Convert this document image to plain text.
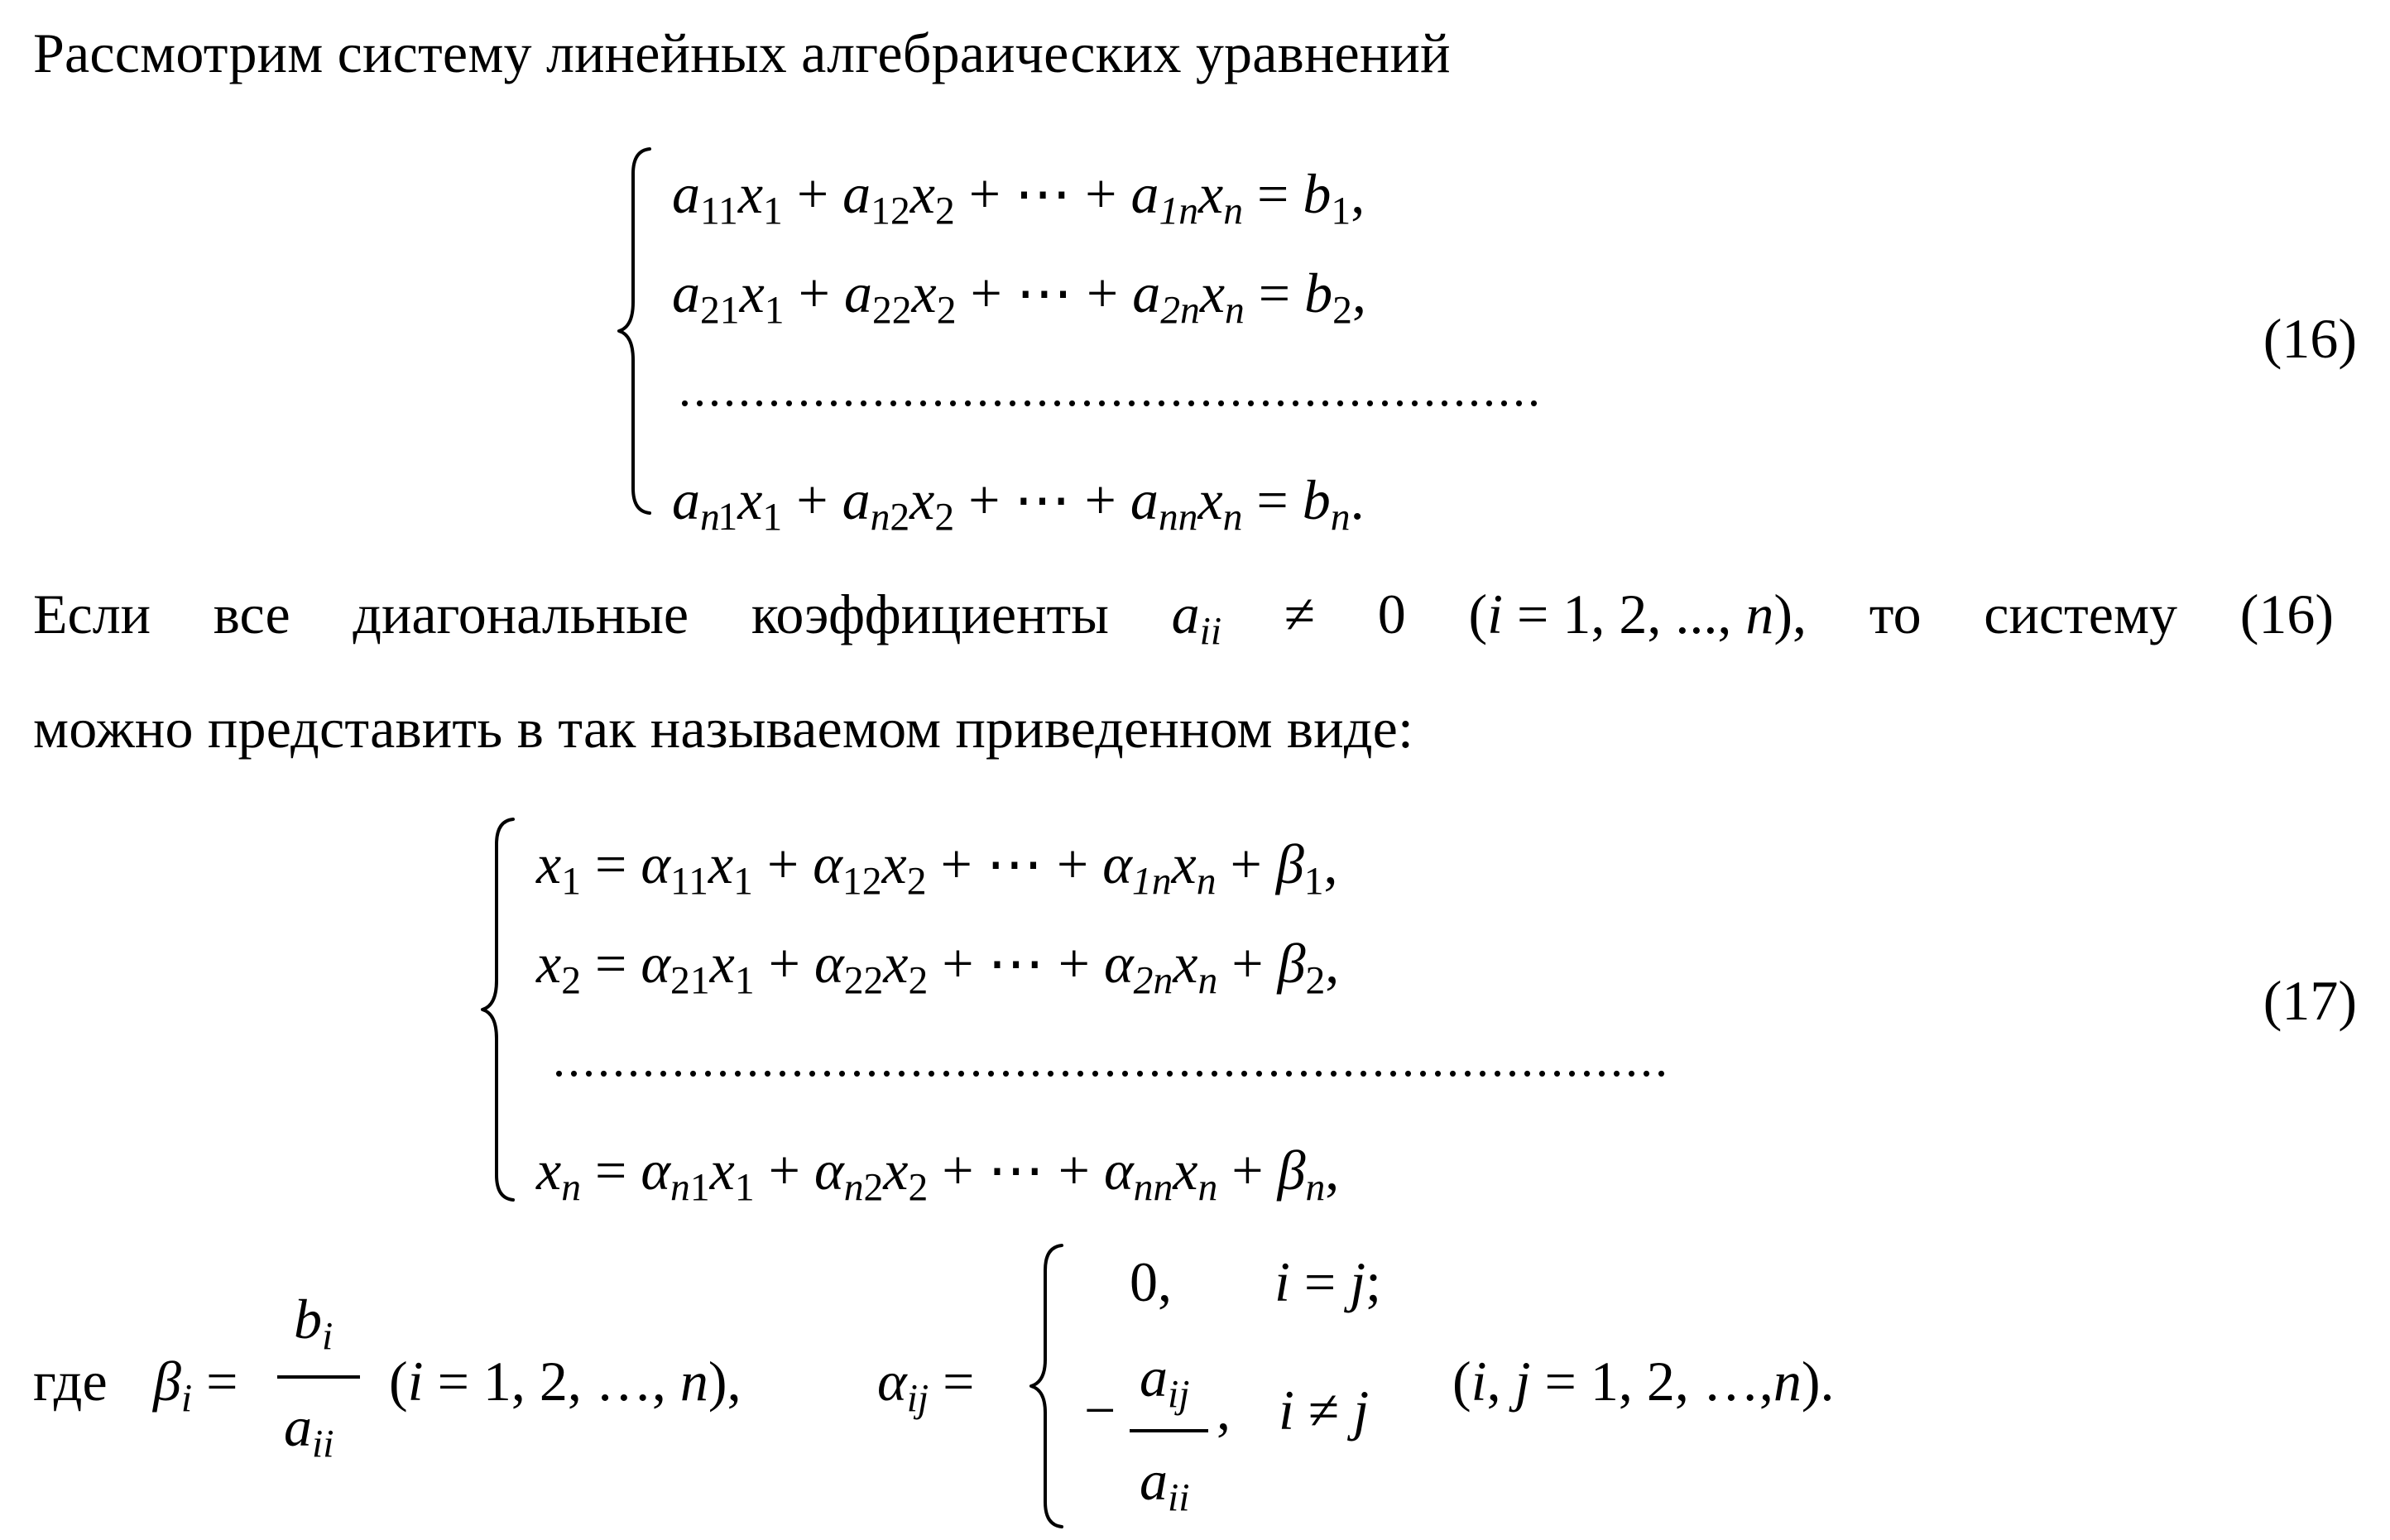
Рассмотрим систему линейных алгебраических уравнений
$a_{11}x_1 + a_{12}x_2$ + ⋯ + $a_{1n}x_n = b_1$,
$a_{21}x_1 + a_{22}x_2$ + ⋯ + $a_{2n}x_n = b_2$,
..........................................................
$a_{n1}x_1 + a_{n2}x_2$ + ⋯ + $a_{nn}x_n = b_n$.
(16)
Если все диагональные коэффициенты $a_{ii} \ne 0$ (i = 1, 2, ..., n), то систему (16)
можно представить в так называемом приведенном виде:
$x_1 = \alpha_{11}x_1 + \alpha_{12}x_2$ + ⋯ + $\alpha_{1n}x_n + \beta_1$,
$x_2 = \alpha_{21}x_1 + \alpha_{22}x_2$ + ⋯ + $\alpha_{2n}x_n + \beta_2$,
...........................................................................
$x_n = \alpha_{n1}x_1 + \alpha_{n2}x_2$ + ⋯ + $\alpha_{nn}x_n + \beta_n$,
(17)
где $\beta_i$ =
$b_i$
$a_{ii}$
(i = 1, 2, …, n), $\alpha_{ij}$ =
0, i = j;
−
$a_{ij}$
$a_{ii}$
, i ≠ j (i, j = 1, 2, …,n).
